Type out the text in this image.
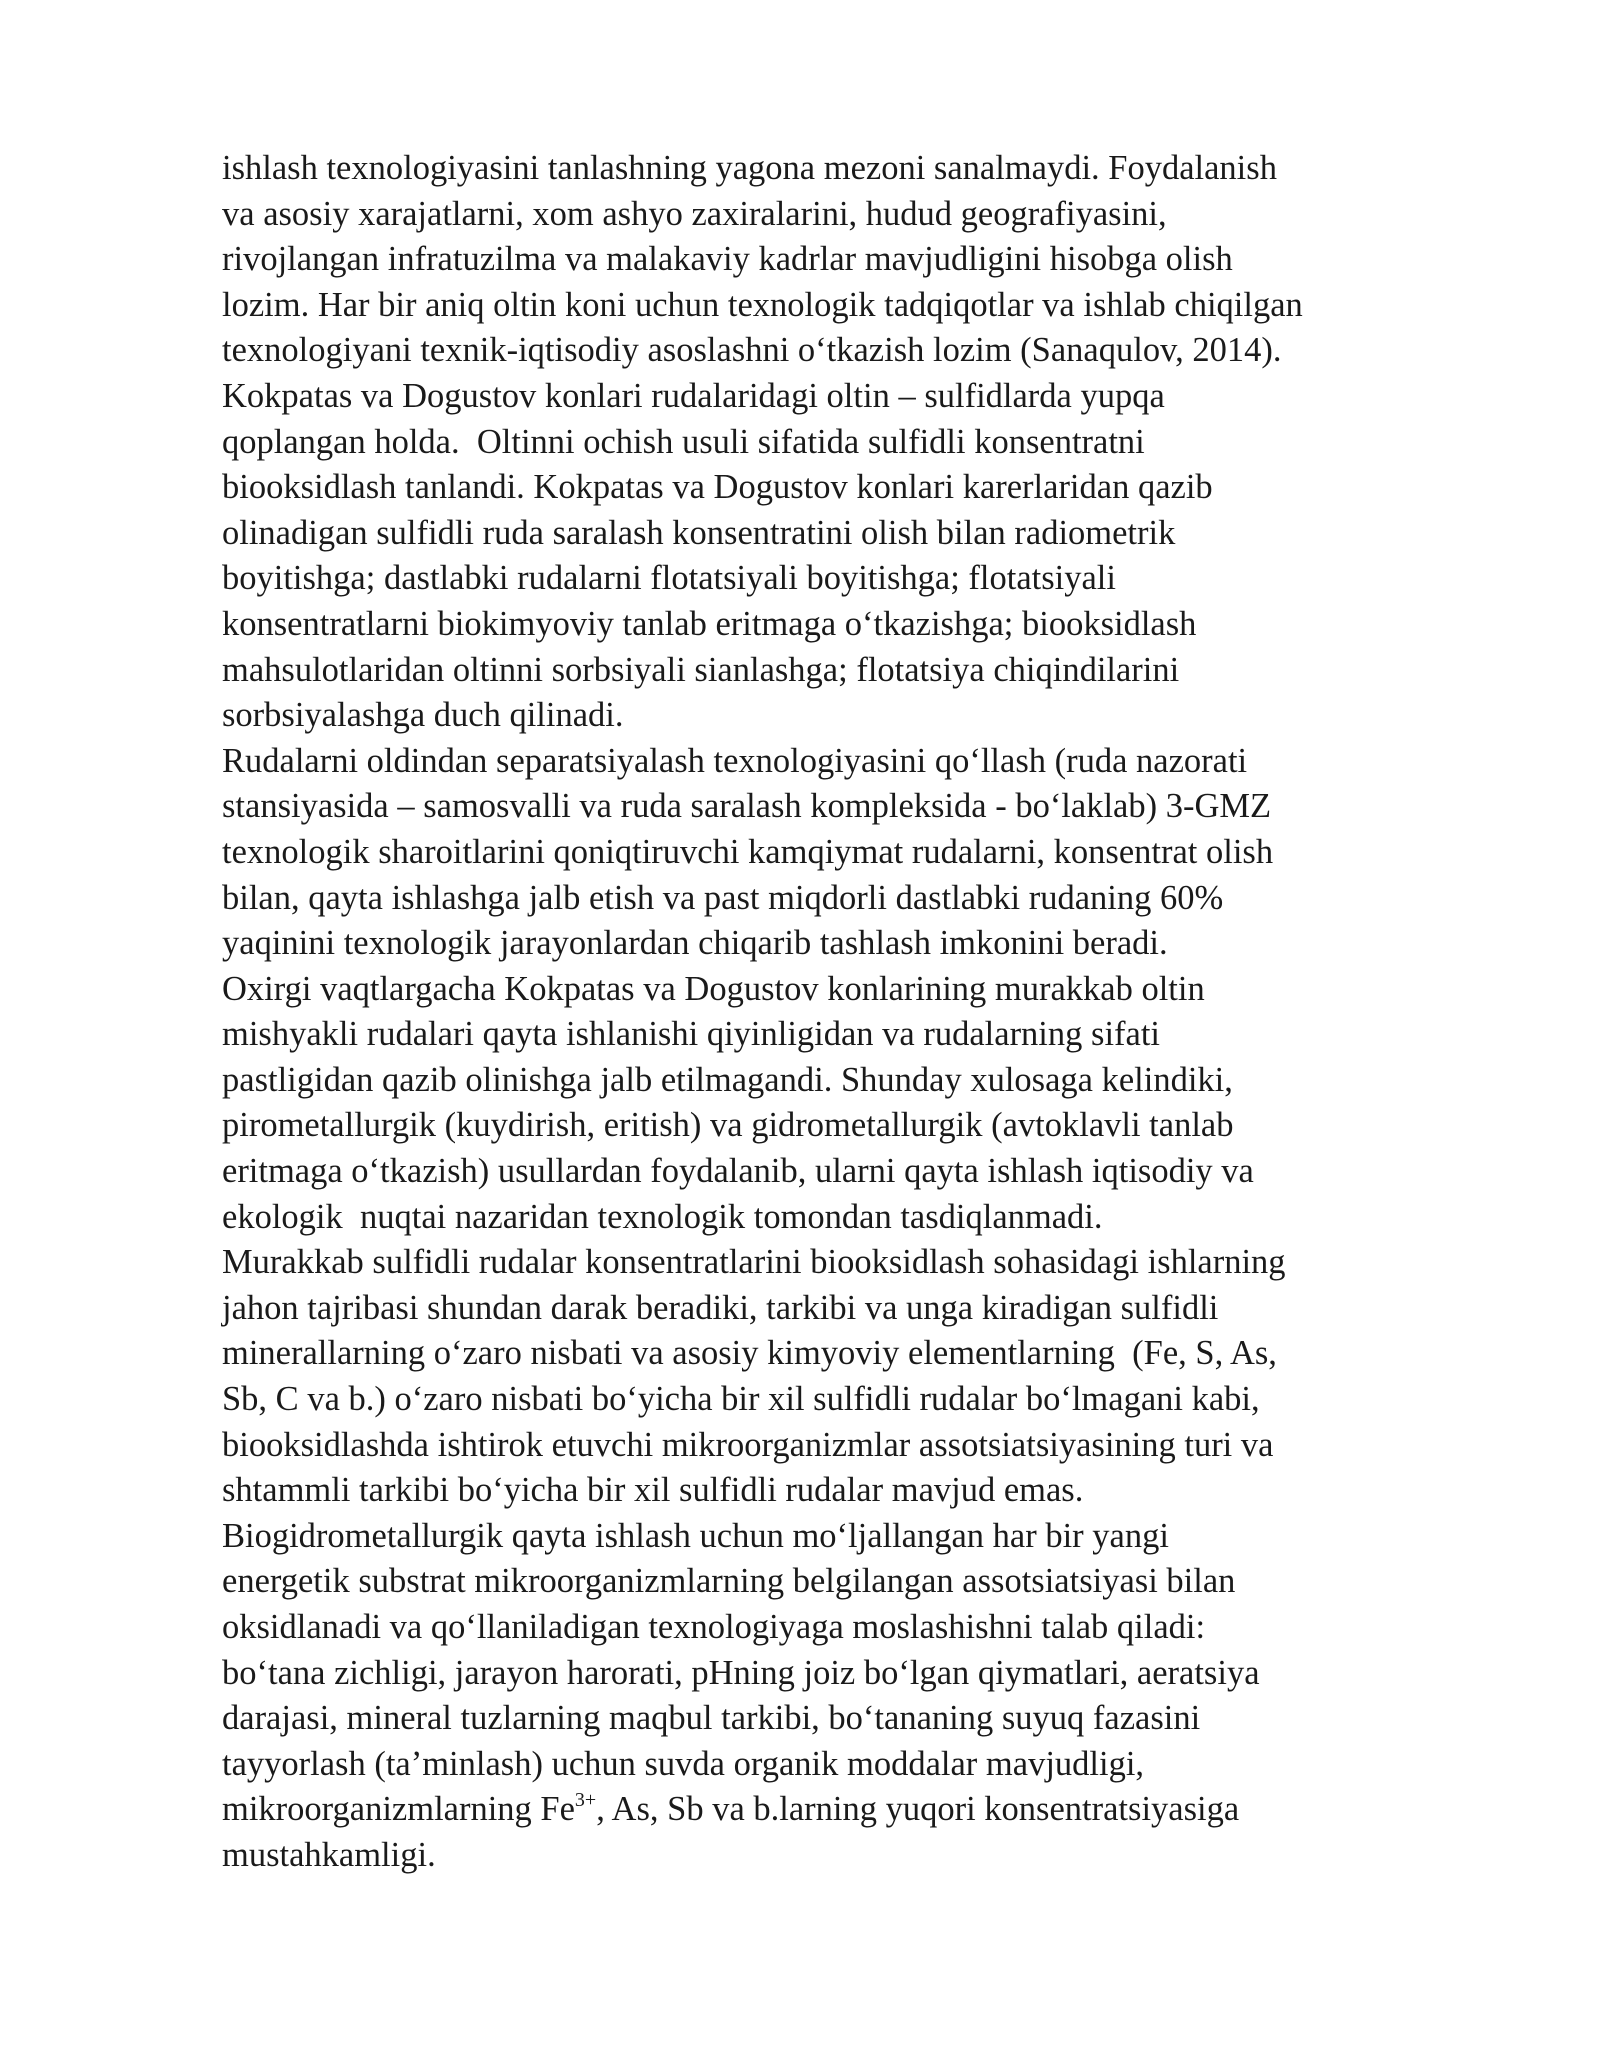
ishlash texnologiyasini tanlashning yagona mezoni sanalmaydi. Foydalanish
va asosiy xarajatlarni, xom ashyo zaxiralarini, hudud geografiyasini,
rivojlangan infratuzilma va malakaviy kadrlar mavjudligini hisobga olish
lozim. Har bir aniq oltin koni uchun texnologik tadqiqotlar va ishlab chiqilgan
texnologiyani texnik-iqtisodiy asoslashni oʻtkazish lozim (Sanaqulov, 2014).
Kokpatas va Dogustov konlari rudalaridagi oltin – sulfidlarda yupqa
qoplangan holda.  Oltinni ochish usuli sifatida sulfidli konsentratni
biooksidlash tanlandi. Kokpatas va Dogustov konlari karerlaridan qazib
olinadigan sulfidli ruda saralash konsentratini olish bilan radiometrik
boyitishga; dastlabki rudalarni flotatsiyali boyitishga; flotatsiyali
konsentratlarni biokimyoviy tanlab eritmaga oʻtkazishga; biooksidlash
mahsulotlaridan oltinni sorbsiyali sianlashga; flotatsiya chiqindilarini
sorbsiyalashga duch qilinadi.
Rudalarni oldindan separatsiyalash texnologiyasini qoʻllash (ruda nazorati
stansiyasida – samosvalli va ruda saralash kompleksida - boʻlaklab) 3-GMZ
texnologik sharoitlarini qoniqtiruvchi kamqiymat rudalarni, konsentrat olish
bilan, qayta ishlashga jalb etish va past miqdorli dastlabki rudaning 60%
yaqinini texnologik jarayonlardan chiqarib tashlash imkonini beradi.
Oxirgi vaqtlargacha Kokpatas va Dogustov konlarining murakkab oltin
mishyakli rudalari qayta ishlanishi qiyinligidan va rudalarning sifati
pastligidan qazib olinishga jalb etilmagandi. Shunday xulosaga kelindiki,
pirometallurgik (kuydirish, eritish) va gidrometallurgik (avtoklavli tanlab
eritmaga oʻtkazish) usullardan foydalanib, ularni qayta ishlash iqtisodiy va
ekologik  nuqtai nazaridan texnologik tomondan tasdiqlanmadi.
Murakkab sulfidli rudalar konsentratlarini biooksidlash sohasidagi ishlarning
jahon tajribasi shundan darak beradiki, tarkibi va unga kiradigan sulfidli
minerallarning oʻzaro nisbati va asosiy kimyoviy elementlarning  (Fe, S, As,
Sb, C va b.) oʻzaro nisbati boʻyicha bir xil sulfidli rudalar boʻlmagani kabi,
biooksidlashda ishtirok etuvchi mikroorganizmlar assotsiatsiyasining turi va
shtammli tarkibi boʻyicha bir xil sulfidli rudalar mavjud emas.
Biogidrometallurgik qayta ishlash uchun moʻljallangan har bir yangi
energetik substrat mikroorganizmlarning belgilangan assotsiatsiyasi bilan
oksidlanadi va qoʻllaniladigan texnologiyaga moslashishni talab qiladi:
boʻtana zichligi, jarayon harorati, pHning joiz boʻlgan qiymatlari, aeratsiya
darajasi, mineral tuzlarning maqbul tarkibi, boʻtananing suyuq fazasini
tayyorlash (taʼminlash) uchun suvda organik moddalar mavjudligi,
mikroorganizmlarning $Fe^{3+}$, As, Sb va b.larning yuqori konsentratsiyasiga
mustahkamligi.
